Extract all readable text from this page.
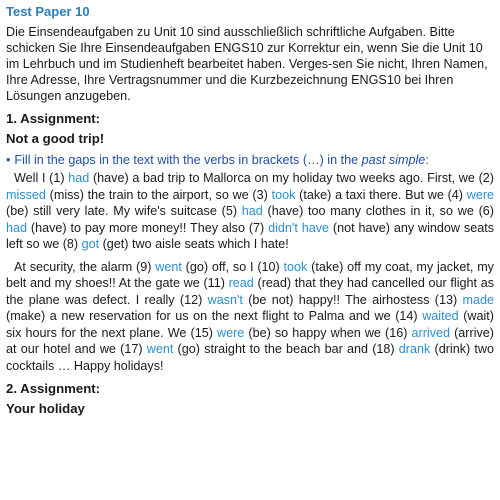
Test Paper 10

Die Einsendeaufgaben zu Unit 10 sind ausschließlich schriftliche Aufgaben. Bitte schicken Sie Ihre Einsendeaufgaben ENGS10 zur Korrektur ein, wenn Sie die Unit 10 im Lehrbuch und im Studienheft bearbeitet haben. Verges-sen Sie nicht, Ihren Namen, Ihre Adresse, Ihre Vertragsnummer und die Kurzbezeichnung ENGS10 bei Ihren Lösungen anzugeben.

1. Assignment:
Not a good trip!

• Fill in the gaps in the text with the verbs in brackets (…) in the past simple:

Well I (1) had (have) a bad trip to Mallorca on my holiday two weeks ago. First, we (2) missed (miss) the train to the airport, so we (3) took (take) a taxi there. But we (4) were (be) still very late. My wife's suitcase (5) had (have) too many clothes in it, so we (6) had (have) to pay more money!! They also (7) didn't have (not have) any window seats left so we (8) got (get) two aisle seats which I hate!

At security, the alarm (9) went (go) off, so I (10) took (take) off my coat, my jacket, my belt and my shoes!! At the gate we (11) read (read) that they had cancelled our flight as the plane was defect. I really (12) wasn't (be not) happy!! The airhostess (13) made (make) a new reservation for us on the next flight to Palma and we (14) waited (wait) six hours for the next plane. We (15) were (be) so happy when we (16) arrived (arrive) at our hotel and we (17) went (go) straight to the beach bar and (18) drank (drink) two cocktails … Happy holidays!

2. Assignment:
Your holiday
